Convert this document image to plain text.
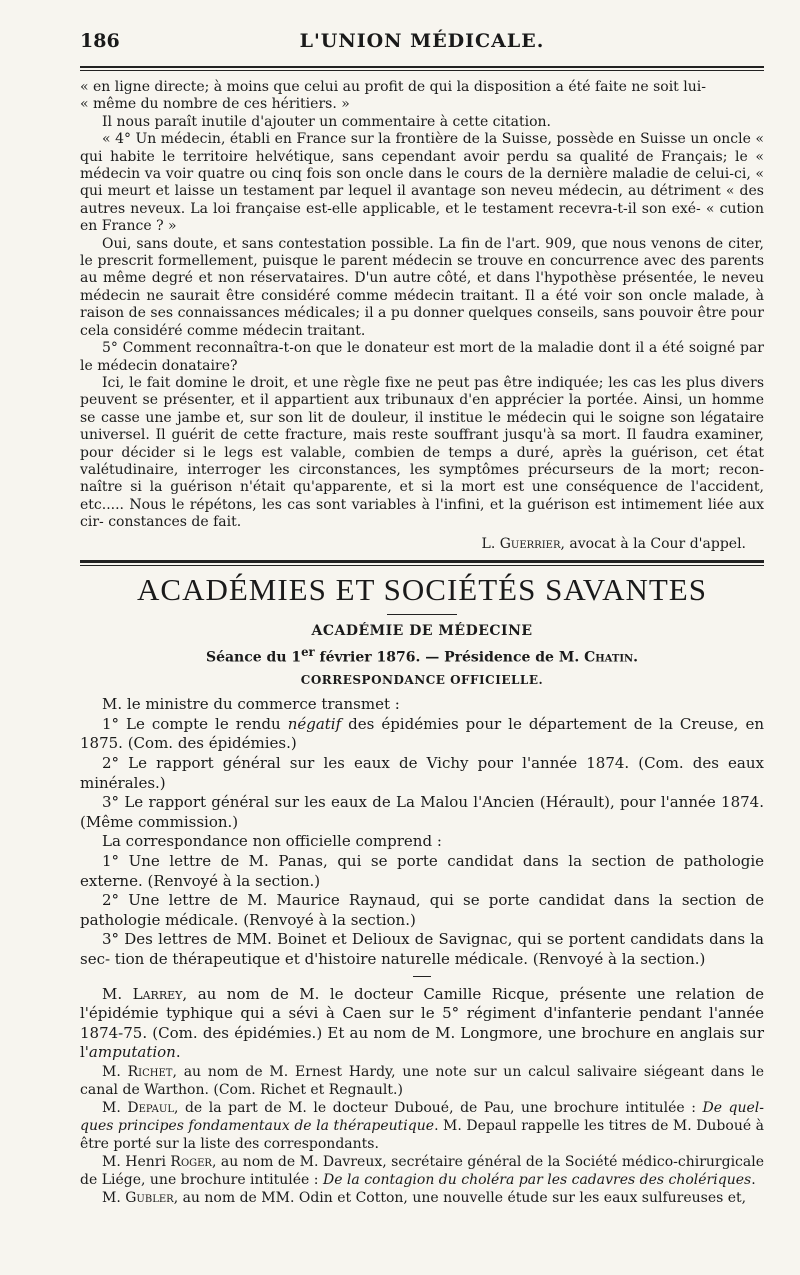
186	L'UNION MÉDICALE.

« en ligne directe; à moins que celui au profit de qui la disposition a été faite ne soit lui-

« même du nombre de ces héritiers. »

Il nous paraît inutile d'ajouter un commentaire à cette citation.

« 4° Un médecin, établi en France sur la frontière de la Suisse, possède en Suisse un oncle « qui habite le territoire helvétique, sans cependant avoir perdu sa qualité de Français; le « médecin va voir quatre ou cinq fois son oncle dans le cours de la dernière maladie de celui-ci, « qui meurt et laisse un testament par lequel il avantage son neveu médecin, au détriment « des autres neveux. La loi française est-elle applicable, et le testament recevra-t-il son exé- « cution en France ? »

Oui, sans doute, et sans contestation possible. La fin de l'art. 909, que nous venons de citer, le prescrit formellement, puisque le parent médecin se trouve en concurrence avec des parents au même degré et non réservataires. D'un autre côté, et dans l'hypothèse présentée, le neveu médecin ne saurait être considéré comme médecin traitant. Il a été voir son oncle malade, à raison de ses connaissances médicales; il a pu donner quelques conseils, sans pouvoir être pour cela considéré comme médecin traitant.

5° Comment reconnaîtra-t-on que le donateur est mort de la maladie dont il a été soigné par le médecin donataire?

Ici, le fait domine le droit, et une règle fixe ne peut pas être indiquée; les cas les plus divers peuvent se présenter, et il appartient aux tribunaux d'en apprécier la portée. Ainsi, un homme se casse une jambe et, sur son lit de douleur, il institue le médecin qui le soigne son légataire universel. Il guérit de cette fracture, mais reste souffrant jusqu'à sa mort. Il faudra examiner, pour décider si le legs est valable, combien de temps a duré, après la guérison, cet état valétudinaire, interroger les circonstances, les symptômes précurseurs de la mort; recon- naître si la guérison n'était qu'apparente, et si la mort est une conséquence de l'accident, etc..... Nous le répétons, les cas sont variables à l'infini, et la guérison est intimement liée aux cir- constances de fait.

L. Guerrier, avocat à la Cour d'appel.
ACADÉMIES ET SOCIÉTÉS SAVANTES
ACADÉMIE DE MÉDECINE
Séance du 1er février 1876. — Présidence de M. Chatin.
CORRESPONDANCE OFFICIELLE.

M. le ministre du commerce transmet :

1° Le compte le rendu négatif des épidémies pour le département de la Creuse, en 1875. (Com. des épidémies.)

2° Le rapport général sur les eaux de Vichy pour l'année 1874. (Com. des eaux minérales.)

3° Le rapport général sur les eaux de La Malou l'Ancien (Hérault), pour l'année 1874. (Même commission.)

La correspondance non officielle comprend :

1° Une lettre de M. Panas, qui se porte candidat dans la section de pathologie externe. (Renvoyé à la section.)

2° Une lettre de M. Maurice Raynaud, qui se porte candidat dans la section de pathologie médicale. (Renvoyé à la section.)

3° Des lettres de MM. Boinet et Delioux de Savignac, qui se portent candidats dans la sec- tion de thérapeutique et d'histoire naturelle médicale. (Renvoyé à la section.)

M. Larrey, au nom de M. le docteur Camille Ricque, présente une relation de l'épidémie typhique qui a sévi à Caen sur le 5° régiment d'infanterie pendant l'année 1874-75. (Com. des épidémies.) Et au nom de M. Longmore, une brochure en anglais sur l'amputation.

M. Richet, au nom de M. Ernest Hardy, une note sur un calcul salivaire siégeant dans le canal de Warthon. (Com. Richet et Regnault.)

M. Depaul, de la part de M. le docteur Duboué, de Pau, une brochure intitulée : De quel- ques principes fondamentaux de la thérapeutique. M. Depaul rappelle les titres de M. Duboué à être porté sur la liste des correspondants.

M. Henri Roger, au nom de M. Davreux, secrétaire général de la Société médico-chirurgicale de Liége, une brochure intitulée : De la contagion du choléra par les cadavres des cholériques.

M. Gubler, au nom de MM. Odin et Cotton, une nouvelle étude sur les eaux sulfureuses et,
